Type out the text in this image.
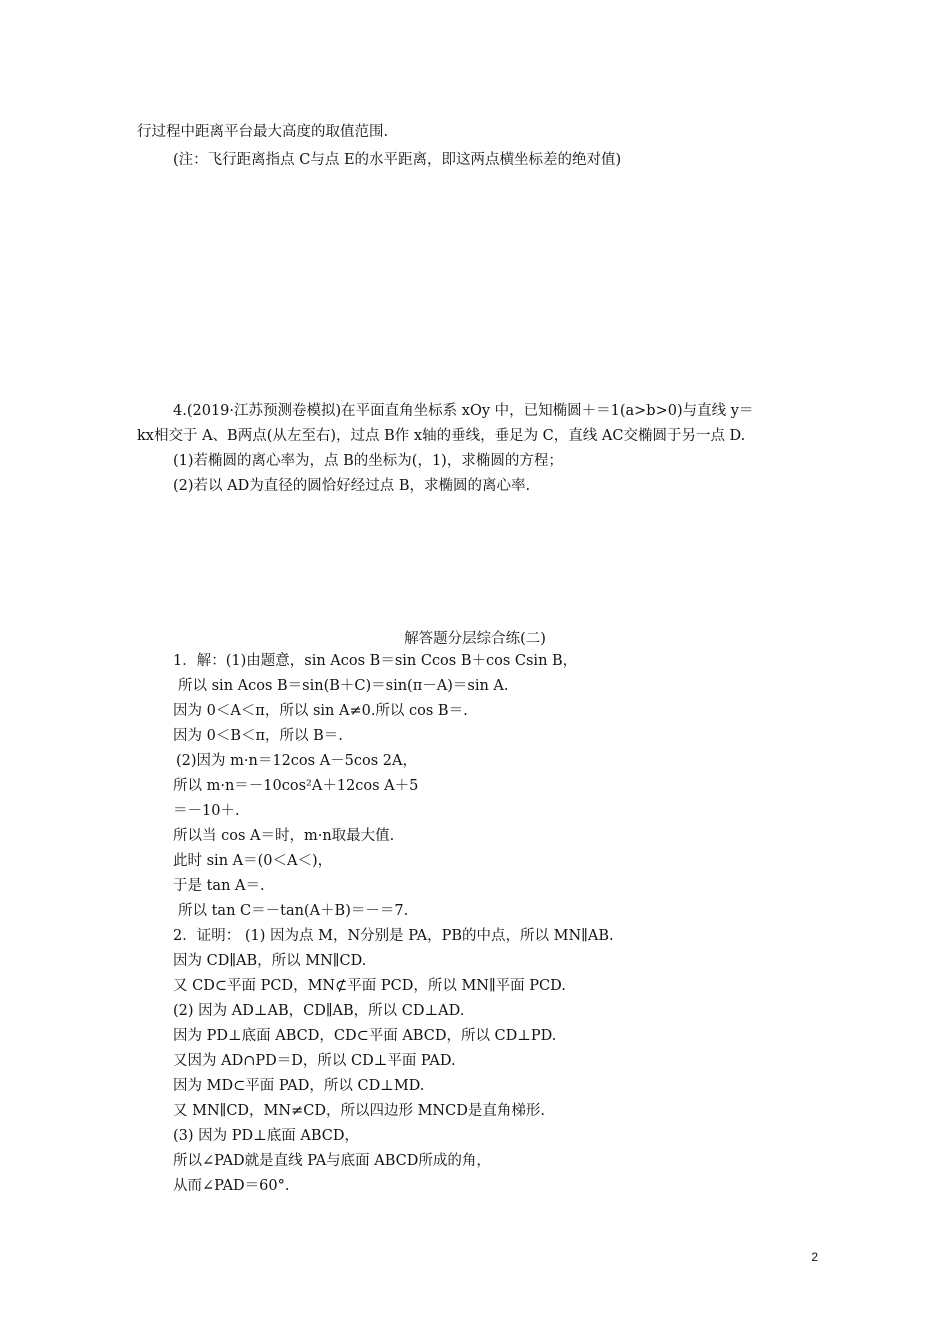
行过程中距离平台最大高度的取值范围.
(注：飞行距离指点 C与点 E的水平距离，即这两点横坐标差的绝对值)
4.(2019·江苏预测卷模拟)在平面直角坐标系 xOy 中，已知椭圆＋＝1(a>b>0)与直线 y＝
kx相交于 A、B两点(从左至右)，过点 B作 x轴的垂线，垂足为 C，直线 AC交椭圆于另一点 D.
(1)若椭圆的离心率为，点 B的坐标为(，1)，求椭圆的方程；
(2)若以 AD为直径的圆恰好经过点 B，求椭圆的离心率.
解答题分层综合练(二)
1．解：(1)由题意，sin Acos B＝sin Ccos B＋cos Csin B，
所以 sin Acos B＝sin(B＋C)＝sin(π－A)＝sin A.
因为 0＜A＜π，所以 sin A≠0.所以 cos B＝.
因为 0＜B＜π，所以 B＝.
(2)因为 m·n＝12cos A－5cos 2A，
所以 m·n＝－10cos²A＋12cos A＋5
＝－10＋.
所以当 cos A＝时，m·n取最大值.
此时 sin A＝(0＜A＜)，
于是 tan A＝.
所以 tan C＝－tan(A＋B)＝－＝7.
2．证明： (1) 因为点 M，N分别是 PA，PB的中点，所以 MN∥AB.
因为 CD∥AB，所以 MN∥CD.
又 CD⊂平面 PCD，MN⊄平面 PCD，所以 MN∥平面 PCD.
(2) 因为 AD⊥AB，CD∥AB，所以 CD⊥AD.
因为 PD⊥底面 ABCD，CD⊂平面 ABCD，所以 CD⊥PD.
又因为 AD∩PD＝D，所以 CD⊥平面 PAD.
因为 MD⊂平面 PAD，所以 CD⊥MD.
又 MN∥CD，MN≠CD，所以四边形 MNCD是直角梯形.
(3) 因为 PD⊥底面 ABCD，
所以∠PAD就是直线 PA与底面 ABCD所成的角，
从而∠PAD＝60°.
2
